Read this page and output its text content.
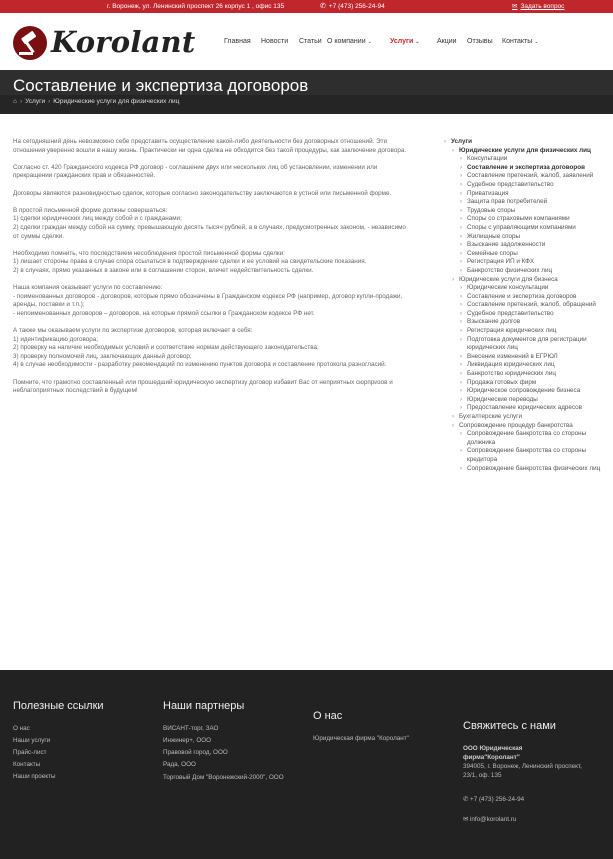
г. Воронеж, ул. Ленинский проспект 26 корпус 1 , офис 135	✆ +7 (473) 256-24-94	✉ Задать вопрос
Korolant	Главная Новости Статьи О компании ⌄	Услуги ⌄	Акции Отзывы Контакты ⌄
Составление и экспертиза договоров
⌂ › Услуги › Юридические услуги для физических лиц

На сегодняшний день невозможно себе представить осуществление какой-либо деятельности без договорных отношений. Эти отношения уверенно вошли в нашу жизнь. Практически ни одна сделка не обходится без такой процедуры, как заключение договора.

Согласно ст. 420 Гражданского кодекса РФ договор - соглашение двух или нескольких лиц об установлении, изменении или прекращении гражданских прав и обязанностей.

Договоры являются разновидностью сделок, которые согласно законодательству заключаются в устной или письменной форме.

В простой письменной форме должны совершаться:
1) сделки юридических лиц между собой и с гражданами;
2) сделки граждан между собой на сумму, превышающую десять тысяч рублей, а в случаях, предусмотренных законом, - независимо от суммы сделки.

Необходимо помнить, что последствием несоблюдения простой письменной формы сделки:
1) лишает стороны права в случае спора ссылаться в подтверждение сделки и ее условий на свидетельские показания.
2) в случаях, прямо указанных в законе или в соглашении сторон, влечет недействительность сделки.

Наша компания оказывает услуги по составлению:
- поименованных договоров - договоров, которые прямо обозначены в Гражданском кодексе РФ (например, договор купли-продажи, аренды, поставки и т.п.);
- непоименованных договоров – договоров, на которые прямой ссылки в Гражданском кодексе РФ нет.

А также мы оказываем услуги по экспертизе договоров, которая включает в себя:
1) идентификацию договора;
2) проверку на наличие необходимых условий и соответствие нормам действующего законодательства;
3) проверку полномочий лиц, заключающих данный договор;
4) в случае необходимости - разработку рекомендаций по изменению пунктов договора и составление протокола разногласий.

Помните, что грамотно составленный или прошедший юридическую экспертизу договор избавит Вас от неприятных сюрпризов и неблагоприятных последствий в будущем!

› Услуги
› Юридические услуги для физических лиц
› Консультации
› Составление и экспертиза договоров
› Составление претензий, жалоб, заявлений
› Судебное представительство
› Приватизация
› Защита прав потребителей
› Трудовые споры
› Споры со страховыми компаниями
› Споры с управляющими компаниями
› Жилищные споры
› Взыскание задолженности
› Семейные споры
› Регистрация ИП и КФХ
› Банкротство физических лиц
› Юридические услуги для бизнеса
› Юридические консультации
› Составление и экспертиза договоров
› Составление претензий, жалоб, обращений
› Судебное представительство
› Взыскание долгов
› Регистрация юридических лиц
› Подготовка документов для регистрации юридических лиц
› Внесение изменений в ЕГРЮЛ
› Ликвидация юридических лиц
› Банкротство юридических лиц
› Продажа готовых фирм
› Юридическое сопровождение бизнеса
› Юридические переводы
› Предоставление юридических адресов
› Бухгалтерские услуги
› Сопровождение процедур банкротства
› Сопровождение банкротства со стороны должника
› Сопровождение банкротства со стороны кредитора
› Сопровождение банкротства физических лиц
Полезные ссылки
О нас
Наши услуги
Прайс-лист
Контакты
Наши проекты
Наши партнеры
ВИСАНТ-торг, ЗАО
Инжинер+, ООО
Правовой город, ООО
Рада, ООО
Торговый Дом "Воронежский-2000", ООО
О нас
Юридическая фирма "Королант"
Свяжитесь с нами
ООО Юридическая фирма"Королант"
394005, г. Воронеж, Ленинский проспект, 23/1, оф. 135
✆ +7 (473) 256-24-94
✉ info@korolant.ru
